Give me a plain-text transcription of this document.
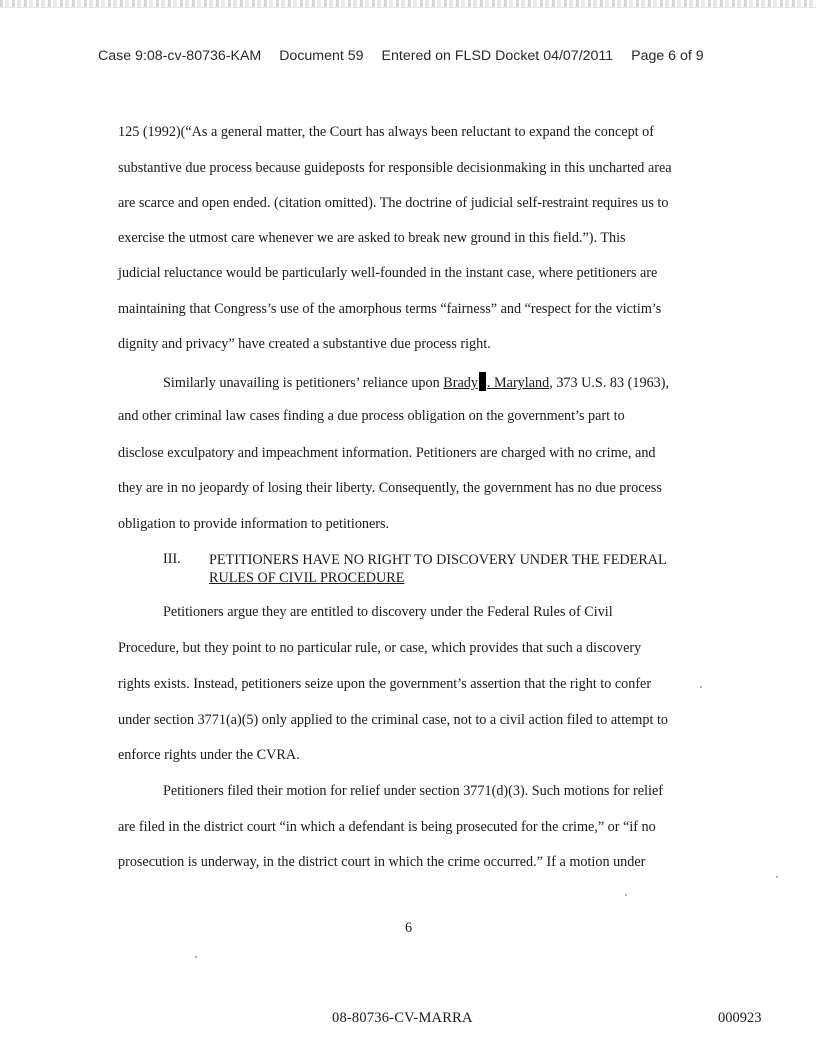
Case 9:08-cv-80736-KAM Document 59 Entered on FLSD Docket 04/07/2011 Page 6 of 9
125 (1992)(“As a general matter, the Court has always been reluctant to expand the concept of
substantive due process because guideposts for responsible decisionmaking in this uncharted area
are scarce and open ended. (citation omitted). The doctrine of judicial self-restraint requires us to
exercise the utmost care whenever we are asked to break new ground in this field.”). This
judicial reluctance would be particularly well-founded in the instant case, where petitioners are
maintaining that Congress’s use of the amorphous terms “fairness” and “respect for the victim’s
dignity and privacy” have created a substantive due process right.
Similarly unavailing is petitioners’ reliance upon Brady . Maryland, 373 U.S. 83 (1963),
and other criminal law cases finding a due process obligation on the government’s part to
disclose exculpatory and impeachment information. Petitioners are charged with no crime, and
they are in no jeopardy of losing their liberty. Consequently, the government has no due process
obligation to provide information to petitioners.
III. PETITIONERS HAVE NO RIGHT TO DISCOVERY UNDER THE FEDERAL
RULES OF CIVIL PROCEDURE
Petitioners argue they are entitled to discovery under the Federal Rules of Civil
Procedure, but they point to no particular rule, or case, which provides that such a discovery
rights exists. Instead, petitioners seize upon the government’s assertion that the right to confer
under section 3771(a)(5) only applied to the criminal case, not to a civil action filed to attempt to
enforce rights under the CVRA.
Petitioners filed their motion for relief under section 3771(d)(3). Such motions for relief
are filed in the district court “in which a defendant is being prosecuted for the crime,” or “if no
prosecution is underway, in the district court in which the crime occurred.” If a motion under
6
08-80736-CV-MARRA	000923
